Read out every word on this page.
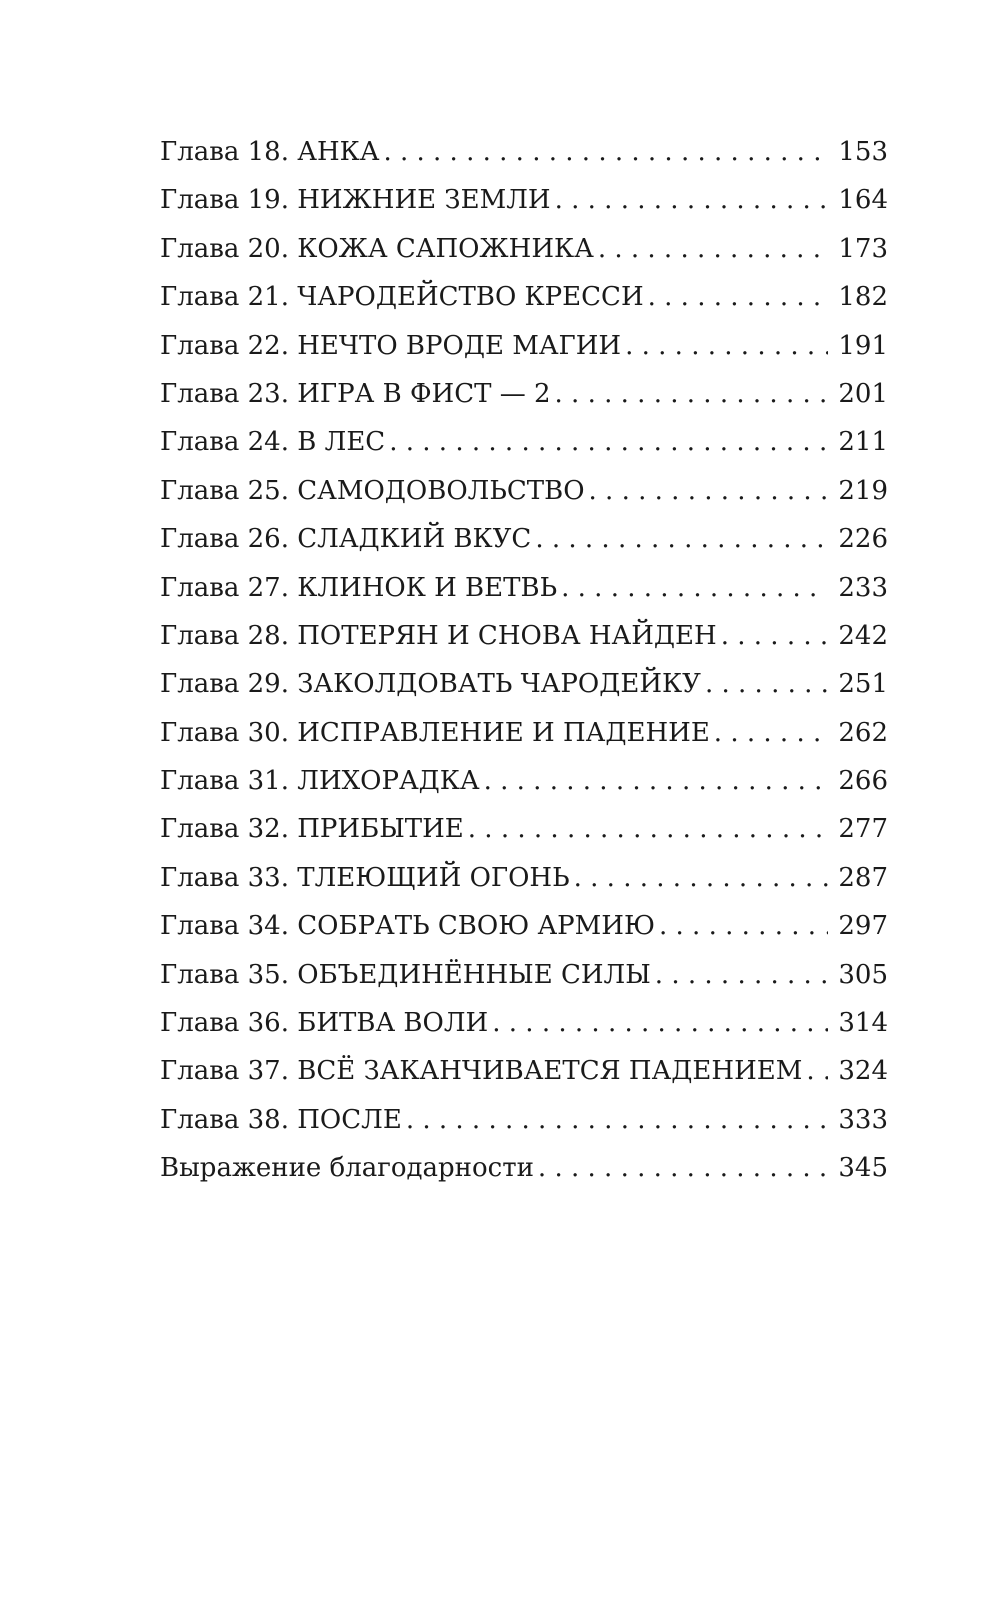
Глава 18. АНКА . . .	153
Глава 19. НИЖНИЕ ЗЕМЛИ . . .	164
Глава 20. КОЖА САПОЖНИКА . . .	173
Глава 21. ЧАРОДЕЙСТВО КРЕССИ . . .	182
Глава 22. НЕЧТО ВРОДЕ МАГИИ . . .	191
Глава 23. ИГРА В ФИСТ — 2 . . .	201
Глава 24. В ЛЕС . . .	211
Глава 25. САМОДОВОЛЬСТВО . . .	219
Глава 26. СЛАДКИЙ ВКУС . . .	226
Глава 27. КЛИНОК И ВЕТВЬ . . .	233
Глава 28. ПОТЕРЯН И СНОВА НАЙДЕН . . .	242
Глава 29. ЗАКОЛДОВАТЬ ЧАРОДЕЙКУ . . .	251
Глава 30. ИСПРАВЛЕНИЕ И ПАДЕНИЕ . . .	262
Глава 31. ЛИХОРАДКА . . .	266
Глава 32. ПРИБЫТИЕ . . .	277
Глава 33. ТЛЕЮЩИЙ ОГОНЬ . . .	287
Глава 34. СОБРАТЬ СВОЮ АРМИЮ . . .	297
Глава 35. ОБЪЕДИНЁННЫЕ СИЛЫ . . .	305
Глава 36. БИТВА ВОЛИ . . .	314
Глава 37. ВСЁ ЗАКАНЧИВАЕТСЯ ПАДЕНИЕМ . . .	324
Глава 38. ПОСЛЕ . . .	333
Выражение благодарности . . .	345
